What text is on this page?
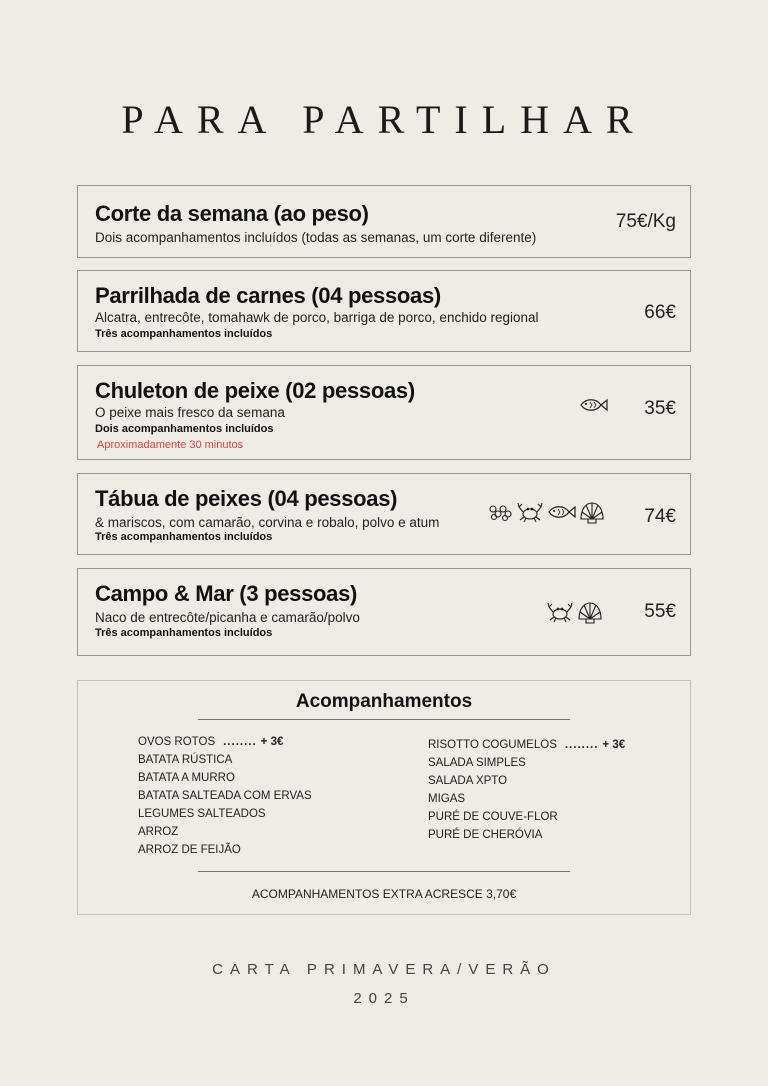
PARA PARTILHAR
Corte da semana (ao peso)
Dois acompanhamentos incluídos (todas as semanas, um corte diferente)
75€/Kg
Parrilhada de carnes (04 pessoas)
Alcatra, entrecôte, tomahawk de porco, barriga de porco, enchido regional
Três acompanhamentos incluídos
66€
Chuleton de peixe (02 pessoas)
O peixe mais fresco da semana
Dois acompanhamentos incluídos
Aproximadamente 30 minutos
35€
Tábua de peixes (04 pessoas)
& mariscos, com camarão, corvina e robalo, polvo e atum
Três acompanhamentos incluídos
74€
Campo & Mar (3 pessoas)
Naco de entrecôte/picanha e camarão/polvo
Três acompanhamentos incluídos
55€
Acompanhamentos
OVOS ROTOS ........ + 3€
BATATA RÚSTICA
BATATA A MURRO
BATATA SALTEADA COM ERVAS
LEGUMES SALTEADOS
ARROZ
ARROZ DE FEIJÃO
RISOTTO COGUMELOS ........ + 3€
SALADA SIMPLES
SALADA XPTO
MIGAS
PURÉ DE COUVE-FLOR
PURÉ DE CHERÓVIA
ACOMPANHAMENTOS EXTRA ACRESCE 3,70€
CARTA PRIMAVERA/VERÃO
2025
